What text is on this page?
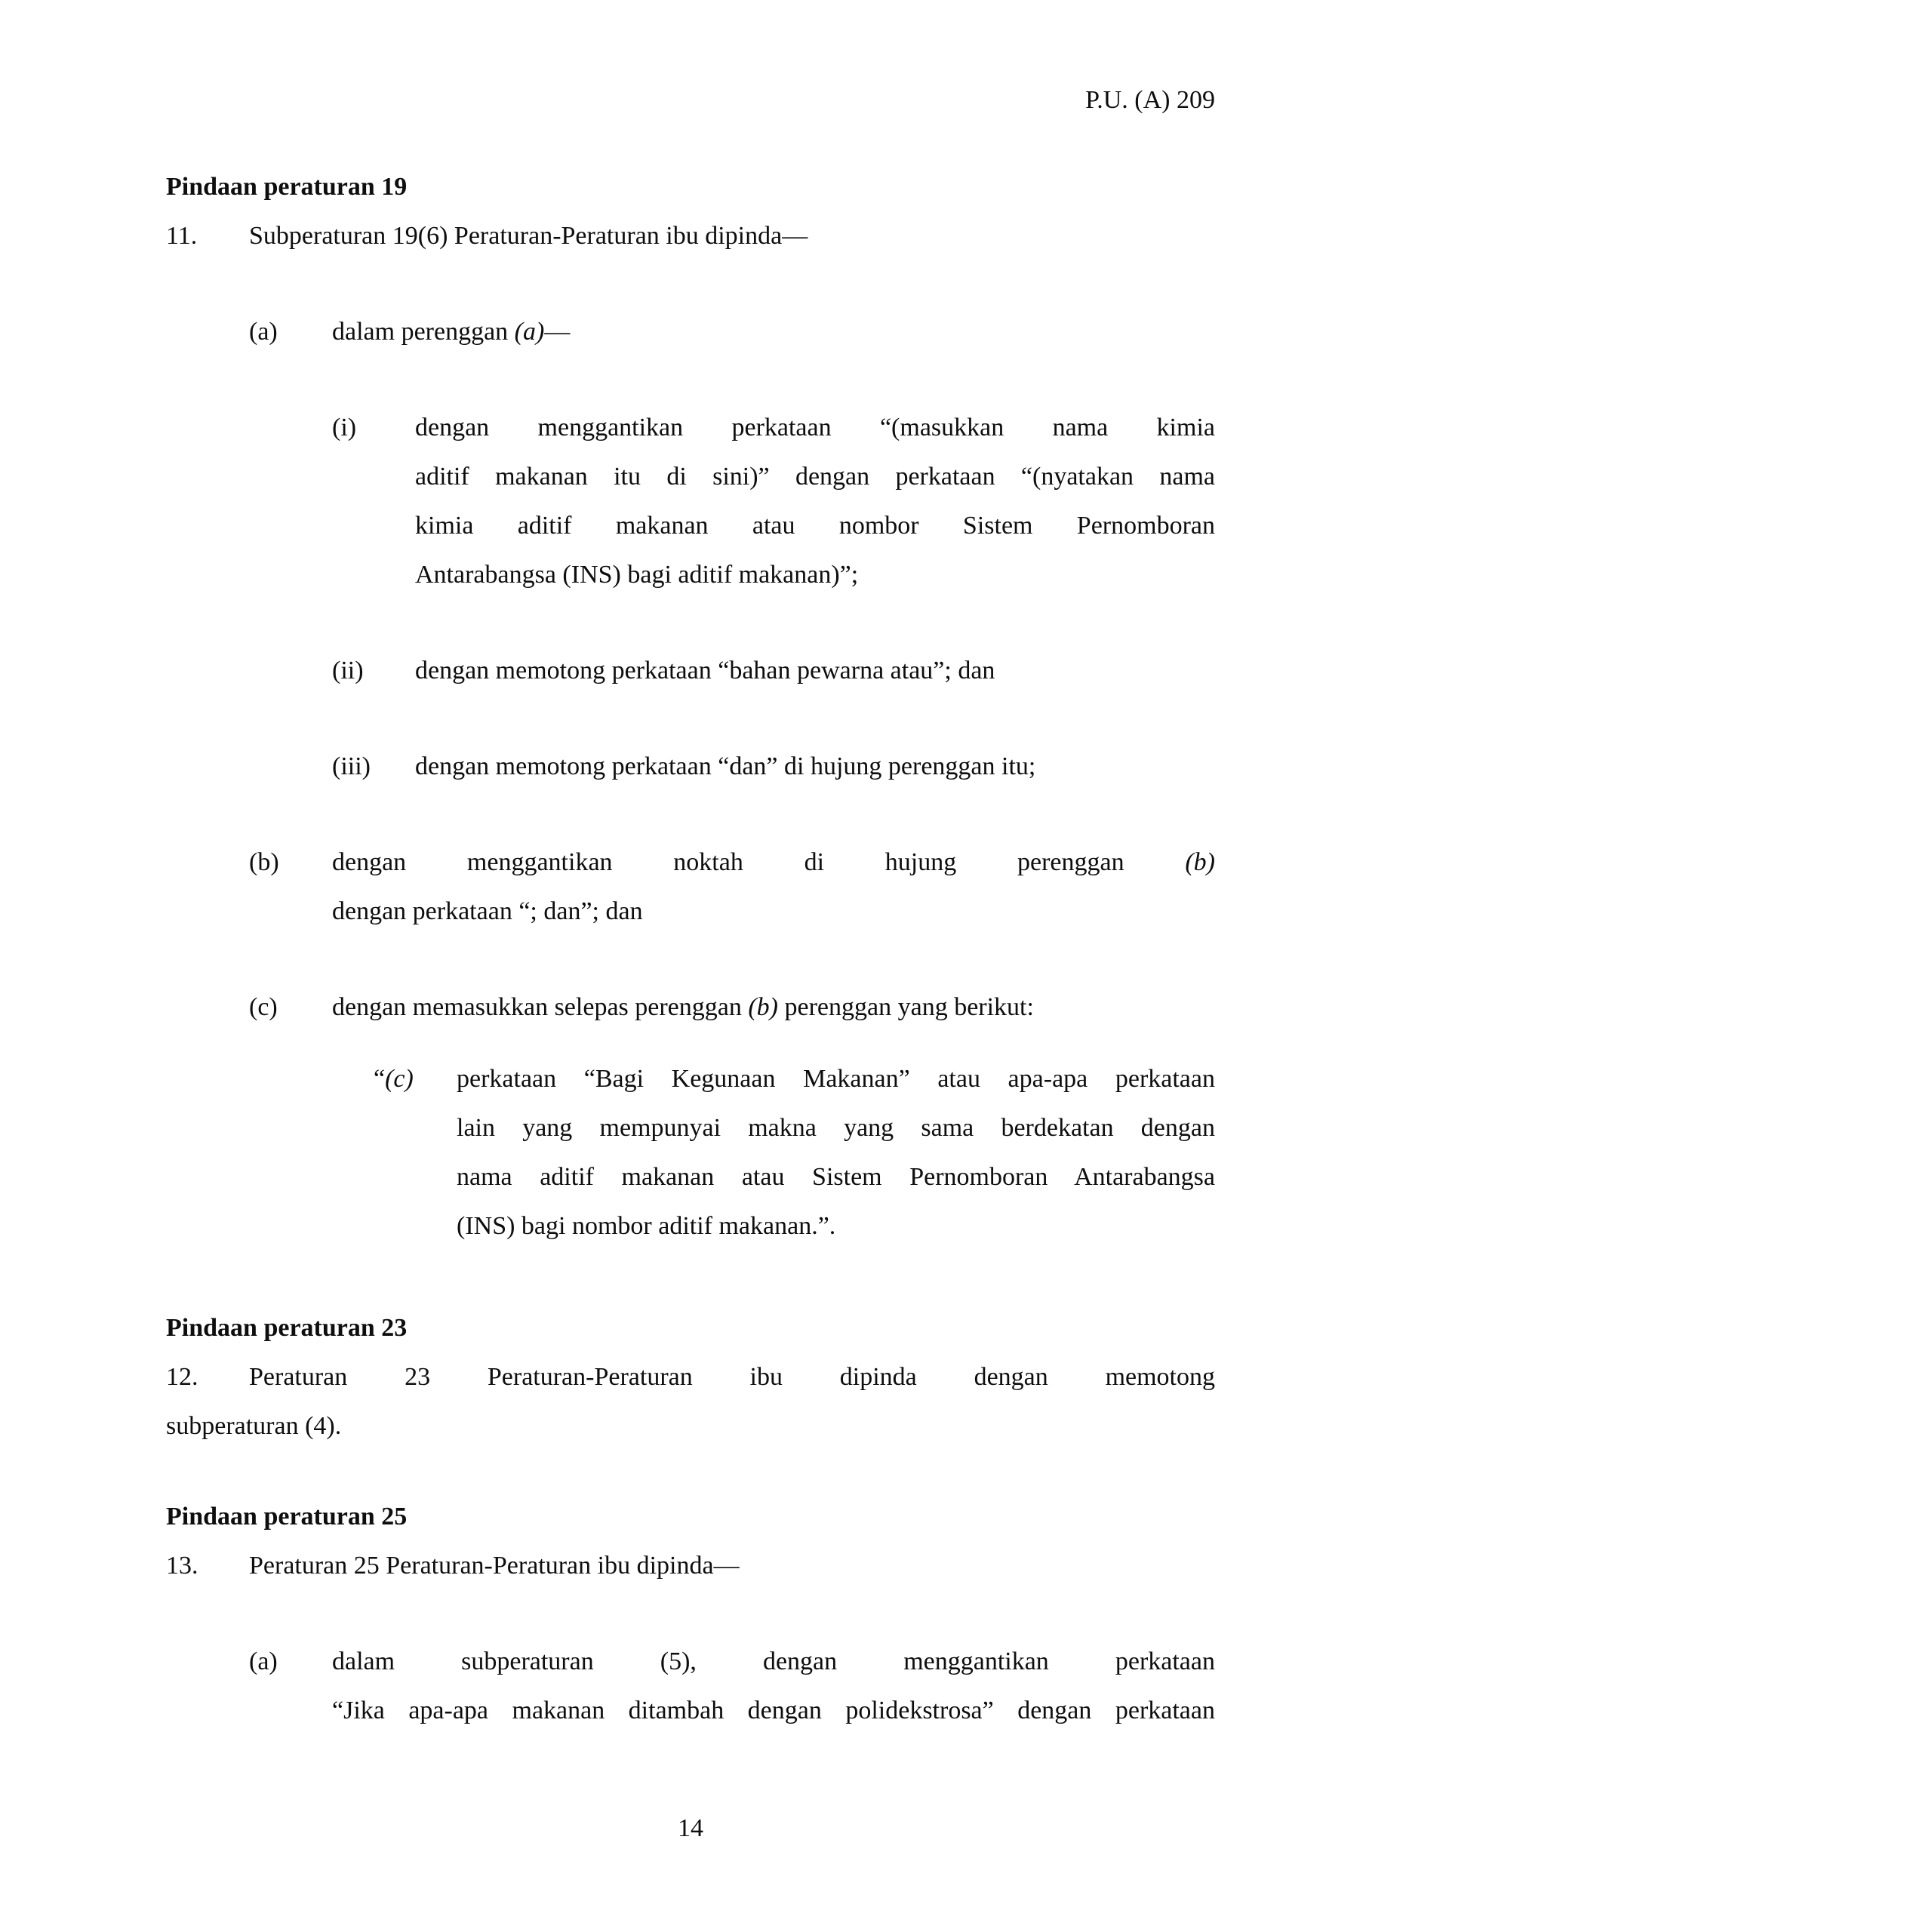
P.U. (A) 209
Pindaan peraturan 19
11. Subperaturan 19(6) Peraturan-Peraturan ibu dipinda—
(a)	dalam perenggan (a)—
(i)	dengan menggantikan perkataan “(masukkan nama kimia
aditif makanan itu di sini)” dengan perkataan “(nyatakan nama
kimia aditif makanan atau nombor Sistem Pernomboran
Antarabangsa (INS) bagi aditif makanan)”;
(ii)	dengan memotong perkataan “bahan pewarna atau”; dan
(iii)	dengan memotong perkataan “dan” di hujung perenggan itu;
(b)	dengan menggantikan noktah di hujung perenggan (b)
dengan perkataan “; dan”; dan
(c)	dengan memasukkan selepas perenggan (b) perenggan yang berikut:
“(c)	perkataan “Bagi Kegunaan Makanan” atau apa-apa perkataan
lain yang mempunyai makna yang sama berdekatan dengan
nama aditif makanan atau Sistem Pernomboran Antarabangsa
(INS) bagi nombor aditif makanan.”.
Pindaan peraturan 23
12. Peraturan 23 Peraturan-Peraturan ibu dipinda dengan memotong
subperaturan (4).
Pindaan peraturan 25
13. Peraturan 25 Peraturan-Peraturan ibu dipinda—
(a)	dalam subperaturan (5), dengan menggantikan perkataan
“Jika apa-apa makanan ditambah dengan polidekstrosa” dengan perkataan
14
